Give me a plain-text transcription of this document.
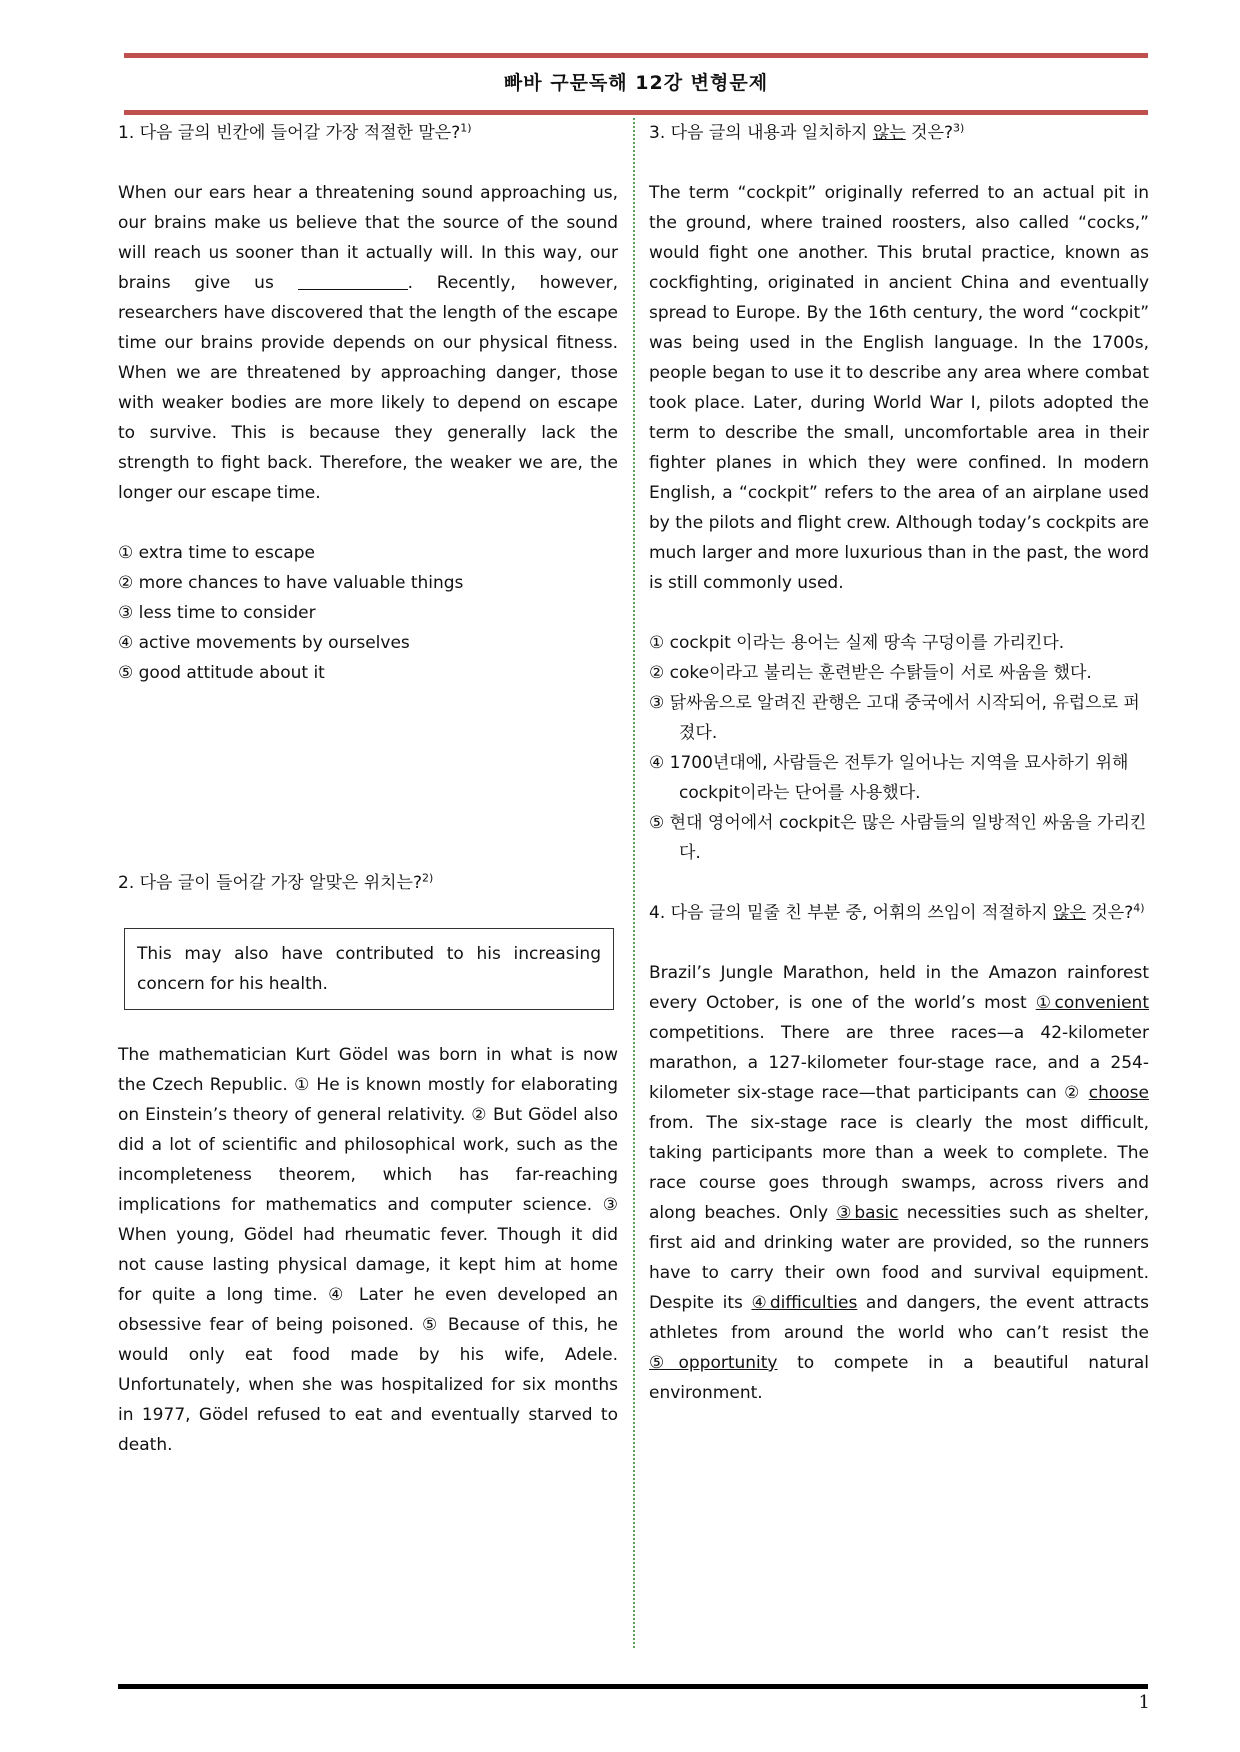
빠바 구문독해 12강 변형문제
1. 다음 글의 빈칸에 들어갈 가장 적절한 말은?$^{1)}$
When our ears hear a threatening sound approaching us, our brains make us believe that the source of the sound will reach us sooner than it actually will. In this way, our brains give us	. Recently, however, researchers have discovered that the length of the escape time our brains provide depends on our physical fitness. When we are threatened by approaching danger, those with weaker bodies are more likely to depend on escape to survive. This is because they generally lack the strength to fight back. Therefore, the weaker we are, the longer our escape time.
① extra time to escape
② more chances to have valuable things
③ less time to consider
④ active movements by ourselves
⑤ good attitude about it
2. 다음 글이 들어갈 가장 알맞은 위치는?$^{2)}$
This may also have contributed to his increasing concern for his health.
The mathematician Kurt Gödel was born in what is now the Czech Republic. ① He is known mostly for elaborating on Einstein’s theory of general relativity. ② But Gödel also did a lot of scientific and philosophical work, such as the incompleteness theorem, which has far-reaching implications for mathematics and computer science. ③ When young, Gödel had rheumatic fever. Though it did not cause lasting physical damage, it kept him at home for quite a long time. ④ Later he even developed an obsessive fear of being poisoned. ⑤ Because of this, he would only eat food made by his wife, Adele. Unfortunately, when she was hospitalized for six months in 1977, Gödel refused to eat and eventually starved to death.
3. 다음 글의 내용과 일치하지 않는 것은?$^{3)}$
The term “cockpit” originally referred to an actual pit in the ground, where trained roosters, also called “cocks,” would fight one another. This brutal practice, known as cockfighting, originated in ancient China and eventually spread to Europe. By the 16th century, the word “cockpit” was being used in the English language. In the 1700s, people began to use it to describe any area where combat took place. Later, during World War I, pilots adopted the term to describe the small, uncomfortable area in their fighter planes in which they were confined. In modern English, a “cockpit” refers to the area of an airplane used by the pilots and flight crew. Although today’s cockpits are much larger and more luxurious than in the past, the word is still commonly used.
① cockpit 이라는 용어는 실제 땅속 구덩이를 가리킨다.
② coke이라고 불리는 훈련받은 수탉들이 서로 싸움을 했다.
③ 닭싸움으로 알려진 관행은 고대 중국에서 시작되어, 유럽으로 퍼졌다.
④ 1700년대에, 사람들은 전투가 일어나는 지역을 묘사하기 위해 cockpit이라는 단어를 사용했다.
⑤ 현대 영어에서 cockpit은 많은 사람들의 일방적인 싸움을 가리킨다.
4. 다음 글의 밑줄 친 부분 중, 어휘의 쓰임이 적절하지 않은 것은?$^{4)}$
Brazil’s Jungle Marathon, held in the Amazon rainforest every October, is one of the world’s most ①convenient competitions. There are three races—a 42-kilometer marathon, a 127-kilometer four-stage race, and a 254-kilometer six-stage race—that participants can ② choose from. The six-stage race is clearly the most difficult, taking participants more than a week to complete. The race course goes through swamps, across rivers and along beaches. Only ③basic necessities such as shelter, first aid and drinking water are provided, so the runners have to carry their own food and survival equipment. Despite its ④difficulties and dangers, the event attracts athletes from around the world who can’t resist the ⑤opportunity to compete in a beautiful natural environment.
1
